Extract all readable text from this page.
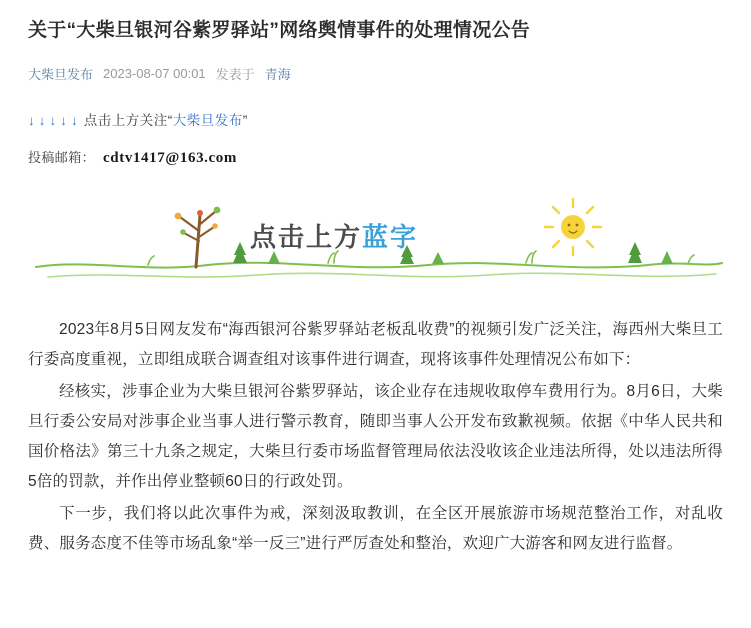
关于“大柴旦银河谷紫罗驿站”网络舆情事件的处理情况公告
大柴旦发布 2023-08-07 00:01 发表于 青海
↓↓↓↓↓ 点击上方关注 “ 大柴旦发布 ”
投稿邮箱： cdtv1417@163.com
点击上方蓝字

2023年8月5日网友发布“海西银河谷紫罗驿站老板乱收费”的视频引发广泛关注，海西州大柴旦工行委高度重视，立即组成联合调查组对该事件进行调查，现将该事件处理情况公布如下：

经核实，涉事企业为大柴旦银河谷紫罗驿站，该企业存在违规收取停车费用行为。8月6日，大柴旦行委公安局对涉事企业当事人进行警示教育，随即当事人公开发布致歉视频。依据《中华人民共和国价格法》第三十九条之规定，大柴旦行委市场监督管理局依法没收该企业违法所得，处以违法所得5倍的罚款，并作出停业整顿60日的行政处罚。

下一步，我们将以此次事件为戒，深刻汲取教训，在全区开展旅游市场规范整治工作，对乱收费、服务态度不佳等市场乱象“举一反三”进行严厉查处和整治，欢迎广大游客和网友进行监督。
